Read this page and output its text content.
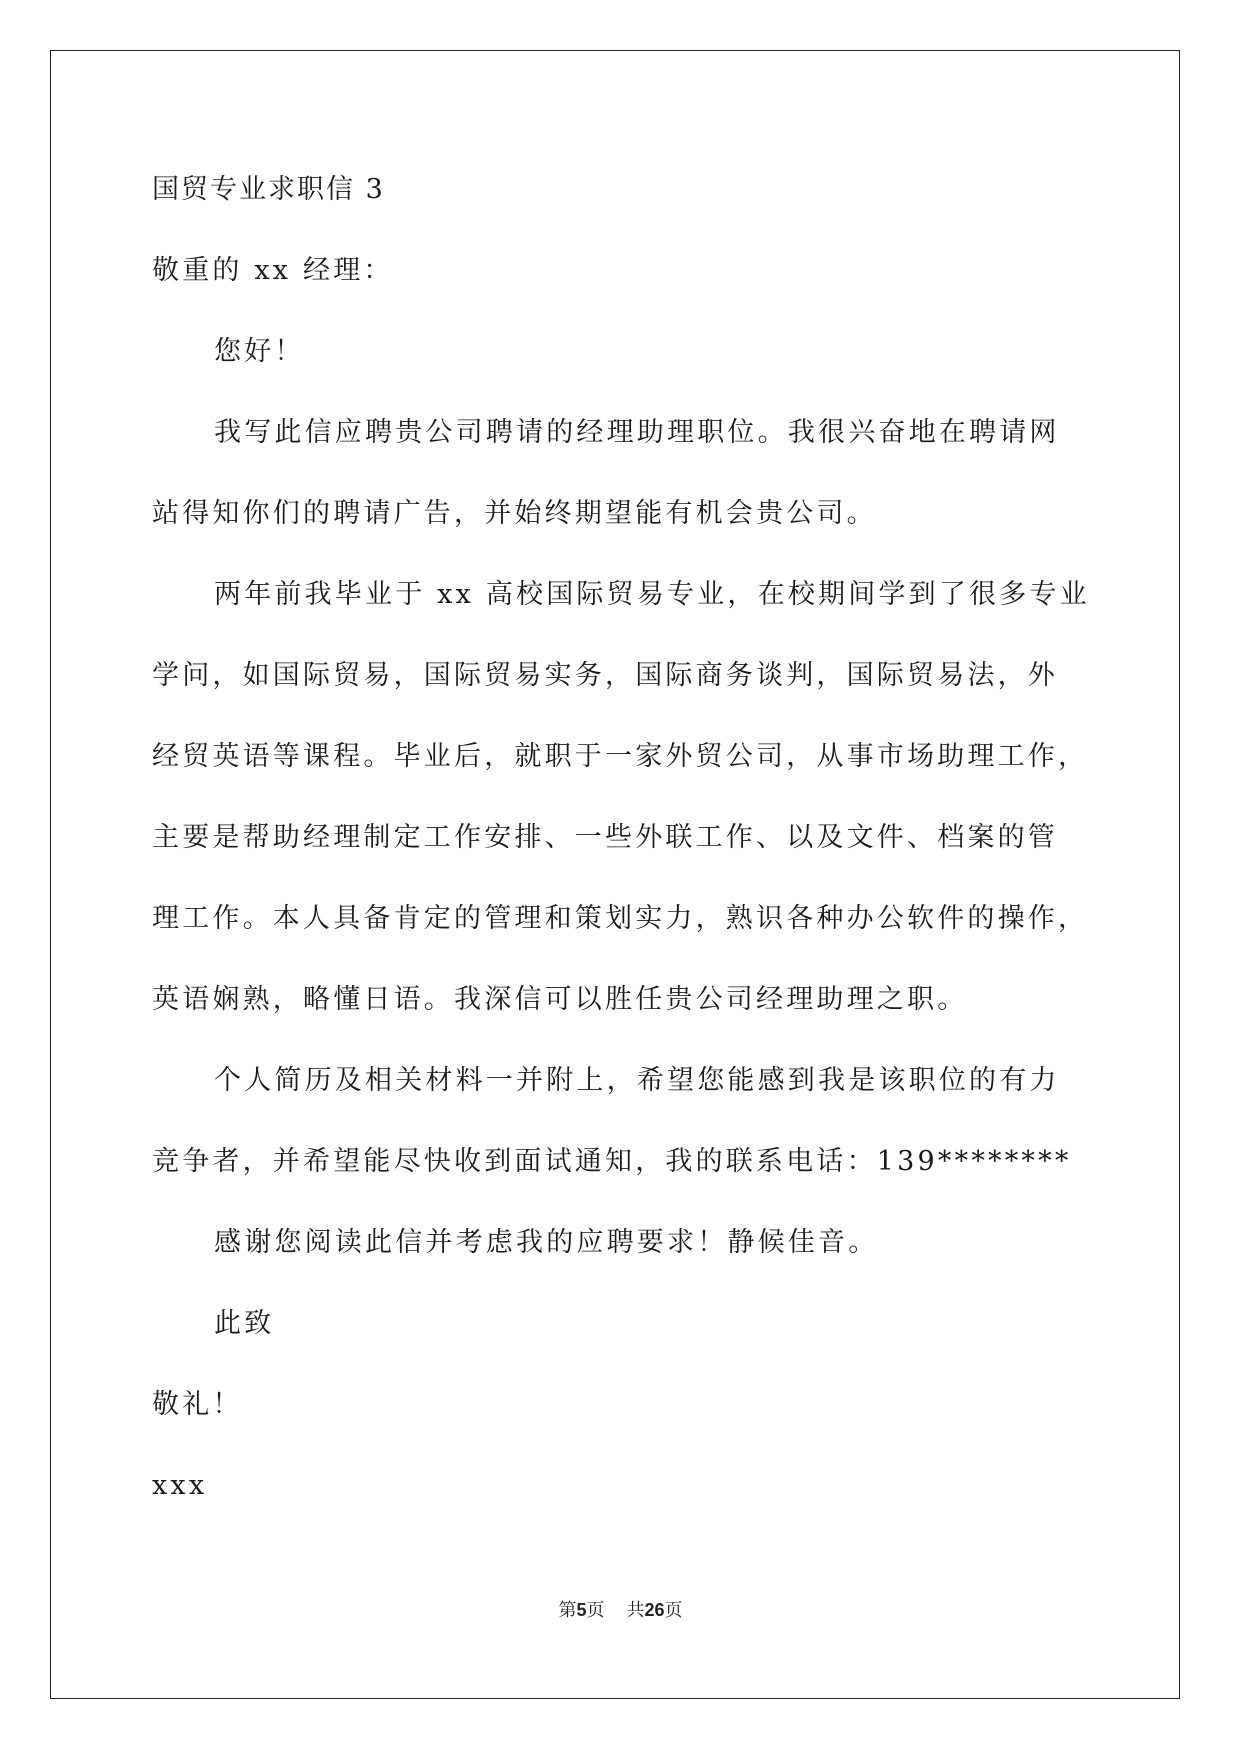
国贸专业求职信 3
敬重的 xx 经理：
您好！
我写此信应聘贵公司聘请的经理助理职位。我很兴奋地在聘请网
站得知你们的聘请广告，并始终期望能有机会贵公司。
两年前我毕业于 xx 高校国际贸易专业，在校期间学到了很多专业
学问，如国际贸易，国际贸易实务，国际商务谈判，国际贸易法，外
经贸英语等课程。毕业后，就职于一家外贸公司，从事市场助理工作，
主要是帮助经理制定工作安排、一些外联工作、以及文件、档案的管
理工作。本人具备肯定的管理和策划实力，熟识各种办公软件的操作，
英语娴熟，略懂日语。我深信可以胜任贵公司经理助理之职。
个人简历及相关材料一并附上，希望您能感到我是该职位的有力
竞争者，并希望能尽快收到面试通知，我的联系电话：139********
感谢您阅读此信并考虑我的应聘要求！静候佳音。
此致
敬礼！
xxx
第5页 共26页
